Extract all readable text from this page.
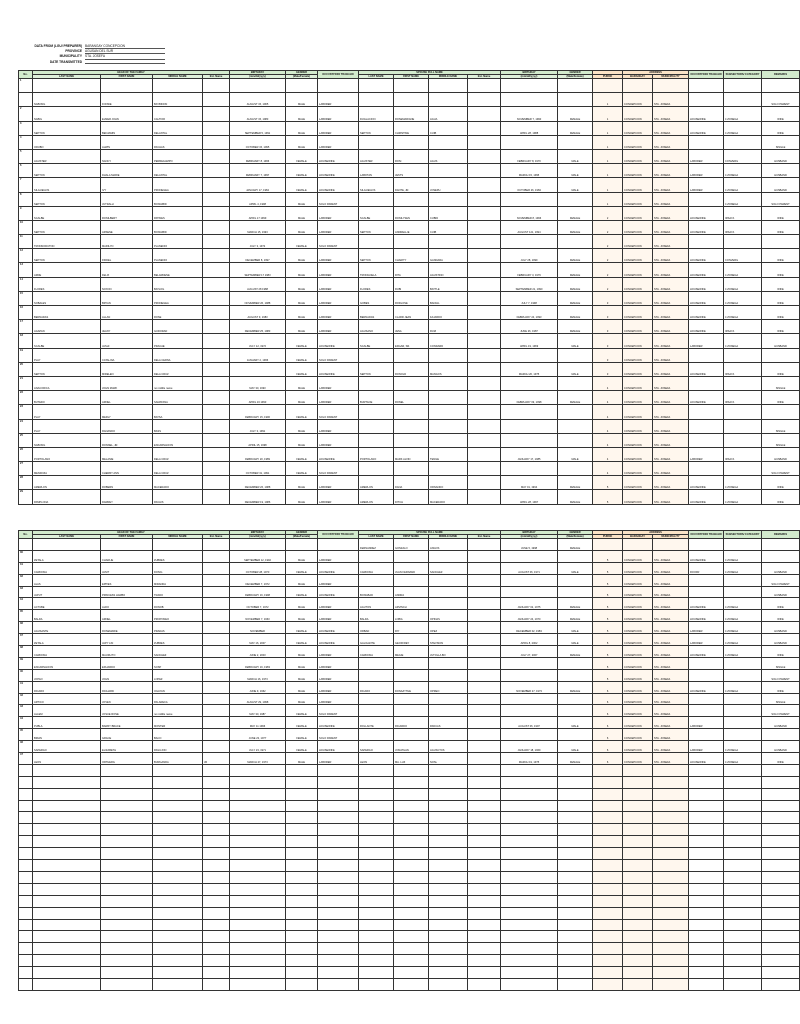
DATA FROM (LGU/ PREPARER) BARANGAY CONCEPCION
PROVINCE AGUSAN DEL SUR
MUNICIPALITY STA. JOSEFA
DATE TRANSMITTED
No.	HEAD OF THE FAMILY				BIRTHDAY	GENDER	OCCUPATION/ TRABAHO	SPOUSE FULL NAME				BIRTHDAY	GENDER		ADDRESS		OCCUPATION/ TRABAHO	SUBSECTORS/ CATEGORY	REMARKS
	LAST NAME	FIRST NAME	MIDDLE NAME	Ext. Name	(mm/dd/yyyy)	(Male/Female)		LAST NAME	FIRST NAME	MIDDLE NAME	Ext. Name	(mm/dd/yyyy)	(Male/Female)	PUROK	BARANGAY	MUNICIPALITY			
1																			
	NABONG	FONSIE	BAYBINON		AUGUST 15, 1965	MALE	LABORER							1	CONCEPCION	STA. JOSEFA			SOLO PARENT
2	NABIG	ELMER JOHN	CALTIOR		AUGUST 15, 1983	MALE	LABORER	DUGLACION	ROSEMARIANE	AGUA		NOVEMBER 7, 1990	FEMALE	1	CONCEPCION	STA. JOSEFA	HOUSEWIFE	4 ZONEGA	WIFE
3	SEPTON	BENJAMIN	DELANTAL		SEPTEMBER 5, 1991	MALE	LABORER	SEPTON	CHRISTINE	CUIB		APRIL 28, 1988	FEMALE	1	CONCEPCION	STA. JOSEFA	HOUSEWIFE	4 ZONEGA	WIFE
4	ORUBO	ALWIN	PACHAS		OCTOBER 15, 1995	MALE	LABORER							1	CONCEPCION	STA. JOSEFA			SINGLE
5	AGUSTER	NANCY	PERREGAMPO		FEBRUARY 8, 1966	FEMALE	HOUSEWIFE	AGUSTER	ROSI	AGUS		FEBRUARY 8, 1970	MALE	1	CONCEPCION	STA. JOSEFA	LABORER	CONVERG	HUSBAND
6	SEPTON	DHALA MARIE	DELANTAL		FEBRUARY 7, 1997	FEMALE	HOUSEWIFE	LABOTAN	JESTS			MARCH 15, 1995	MALE	1	CONCEPCION	STA. JOSEFA	LABORER	4 ZONEGA	HUSBAND
7	SILGUEGOS	IVY	PRONEGEA		JANUARY 17, 1984	FEMALE	HOUSEWIFE	SILGUEGOS	DANTE, JR.	JOSEPH		OCTOBER 26, 1984	MALE	1	CONCEPCION	STA. JOSEFA	LABORER	4 ZONEGA	HUSBAND
8	SEPTON	JUTRALH	BONGIBID		APRIL 4, 1998	MALE	SOLO PARENT							1	CONCEPCION	STA. JOSEFA		4 ZONEGA	SOLO PARENT
9	SCALBE	RONILBERT	PATINES		APRIL 17 1999	MALE	LABORER	SCALBE	RONILYSEN	CUBID		NOVEMBER 8, 1996	FEMALE	2	CONCEPCION	STA. JOSEFA	HOUSEWIFE	IRSAYA	WIFE
10	SEPTON	ARSENE	BONGIBID		MARCH 15, 1993	MALE	LABORER	SEPTON	ANDRELLIE	CUIB		AUGUST 121, 1994	FEMALE	2	CONCEPCION	STA. JOSEFA	HOUSEWIFE	IRSAYA	WIFE
11	TRONNODUTON	MARILYN	PLANENIO		JULY 3, 1972	FEMALE	SOLO PARENT							2	CONCEPCION	STA. JOSEFA			
12	SEPTON	FIDDEL	PLANENIO		DECEMBER 8, 1997	MALE	LABORER	SEPTON	CHARITY	GANDARA		JULY 28, 1999	FEMALE	2	CONCEPCION	STA. JOSEFA	HOUSEWIFE	CONVERG	WIFE
13	ARDE	FELIX	BELARDENE		SEPTEMBER 17 1983	MALE	LABORER	TRONGOELA	RITA	AGUSTINO		FEBRUARY 3, 1979	FEMALE	2	CONCEPCION	STA. JOSEFA	HOUSEWIFE	4 ZONEGA	WIFE
14	FLORES	NOXON	BATLOG		AUGUST 28 1988	MALE	LABORER	FLORES	RUBI	BATTLE		SEPTEMBER 21, 1990	FEMALE	2	CONCEPCION	STA. JOSEFA	HOUSEWIFE	4 ZONEGA	WIFE
15	SOBALES	BRYAN	PRONEGEA		NOVEMBER 26, 1988	MALE	LABORER	GOBES	RODLOSE	BANGIL		JULY 7, 1998	FEMALE	3	CONCEPCION	STA. JOSEFA	HOUSEWIFE	4 ZONEGA	WIFE
16	BERNADAS	ALLAN	ROSE		AUGUST 9, 1983	MALE	LABORER	BERNADAS	CLARR JEAN	FAJARDO		FEBRUARY 24, 1993	FEMALE	3	CONCEPCION	STA. JOSEFA	HOUSEWIFE	4 ZONEGA	WIFE
17	AGAPAN	JEANY	GUDORAD		DECEMBER 25, 1983	MALE	LABORER	AGUSANO	JENA	RUIZ		JUNE 26, 1987	FEMALE	3	CONCEPCION	STA. JOSEFA	HOUSEWIFE	IRSAYA	WIFE
18	SCALBE	JASHI	PRACAE		JULY 12, 1972	FEMALE	HOUSEWIFE	SCALBE	EDGAR, SR.	CONDARD		APRIL 19, 1969	MALE	3	CONCEPCION	STA. JOSEFA	LABORER	4 ZONEGA	HUSBAND
19	PLAY	CATALINA	DELA CERNA		JANUARY 2, 1966	FEMALE	SOLO PARENT							3	CONCEPCION	STA. JOSEFA			
20	SEPTON	MIRELEN	DELA CRUZ			FEMALE	HOUSEWIFE	SEPTON	RONOLD	MANGOS		MARCH 20, 1975	MALE	3	CONCEPCION	STA. JOSEFA	HOUSEWIFE	IRSAYA	WIFE
21	ANACORICA	JOHN MARK	no middle name		MAY 30, 1993	MALE	LABORER							4	CONCEPCION	STA. JOSEFA			SINGLE
22	BUTEDO	ARNEL	SAMATANA		APRIL 16 1993	MALE	LABORER	BURTAOE	RONEL			FEBRUARY 09, 1998	FEMALE	4	CONCEPCION	STA. JOSEFA	HOUSEWIFE	IRSAYA	WIFE
23	PLAY	MERLY	BATSA		FEBRUARY 15, 1996	FEMALE	SOLO PARENT							4	CONCEPCION	STA. JOSEFA			
24	PLAY	RANANDO	BASS		JULY 3, 1991	MALE	LABORER							4	CONCEPCION	STA. JOSEFA			SINGLE
25	NABONG	RONNEL, JR.	ENCARNACION		APRIL 15, 1998	MALE	LABORER							4	CONCEPCION	STA. JOSEFA			SINGLE
26	PORTOLANO	MELANIE	DELA CRUZ		FEBRUARY 20, 1989	FEMALE	HOUSEWIFE	PORTOLANO	MARK ALVIN	TENGE		JANUARY 17, 1985	MALE	4	CONCEPCION	STA. JOSEFA	LABORER	IRSAYA	HUSBAND
27	MENDOZA	CHERRY ANN	DELA CRUZ		OCTOBER 31, 1991	FEMALE	SOLO PARENT							4	CONCEPCION	STA. JOSEFA			SOLO PARENT
28	AMERLON	ROBERN	MACERADO		DECEMBER 26, 1988	MALE	LABORER	AMERLON	DANA	ORNANDO		MAY 01, 1994	FEMALE	5	CONCEPCION	STA. JOSEFA	HOUSEWIFE	4 ZONEGA	WIFE
29	PAMPLONA	DARREY	PACHIS		DECEMBER 19, 1986	MALE	LABORER	AMERLON	DITCH	MACERADO		APRIL 28, 1997	FEMALE	5	CONCEPCION	STA. JOSEFA	HOUSEWIFE	4 ZONEGA	WIFE
No.	HEAD OF THE FAMILY				BIRTHDAY	GENDER	OCCUPATION/ TRABAHO	SPOUSE FULL NAME				BIRTHDAY	GENDER		ADDRESS		OCCUPATION/ TRABAHO	SUBSECTORS/ CATEGORY	REMARKS
	LAST NAME	FIRST NAME	MIDDLE NAME	Ext. Name	(mm/dd/yyyy)	(Male/Female)		LAST NAME	FIRST NAME	MIDDLE NAME	Ext. Name	(mm/dd/yyyy)	(Male/Female)	PUROK	BARANGAY	MUNICIPALITY			
								FERNANDEZ	GONZALO	ANGOS		JUNE 5, 1998	FEMALE						
30	ZETALA	CHARLIE	ZUBRES		SEPTEMBER 12, 1992	MALE	LABORER							5	CONCEPCION	STA. JOSEFA	HOUSEWIFE	4 ZONEGA	
31	CARDONA	JANIT	DOSIG		OCTOBER 28, 1970	FEMALE	HOUSEWIFE	CARDONA	JUAN FERNAND	SANCHEZ		AUGUST 06, 1971	MALE	5	CONCEPCION	STA. JOSEFA	ROOFR	4 ZONEGA	HUSBAND
32	ALAS	EPPIES	MIRANDA		DECEMBER 7, 1972	MALE	LABORER							5	CONCEPCION	STA. JOSEFA			SOLO PARENT
33	JAPUT	PRINCESS HARBO	TRADO		FEBRUARY 16, 1998	FEMALE	HOUSEWIFE	BONGBAD	ANDRA					5	CONCEPCION	STA. JOSEFA			HUSBAND
34	ACTUBE	ALDO	RONOB		OCTOBER 7, 1972	MALE	LABORER	AGUTON	ARVINCH			JANUARY 02, 1975	FEMALE	5	CONCEPCION	STA. JOSEFA	HOUSEWIFE	4 ZONEGA	WIFE
35	BALDA	ARNEL	PROPONEO		NOVEMBER 7, 1963	MALE	LABORER	BALDA	LOBIA	OPINAS		JANUARY 24, 1970	FEMALE	5	CONCEPCION	STA. JOSEFA	HOUSEWIFE	4 ZONEGA	WIFE
36	AGUSANTE	ROSEMARIE	PRADAS		NOVEMBER	FEMALE	HOUSEWIFE	ORBAD	RIY	OPEZ		DECEMBER 02, 1983	MALE	5	CONCEPCION	STA. JOSEFA	LABORER	4 ZONEGA	HUSBAND
37	ZETALA	JAPY LIN	ZUBRES		MAY 16, 2007	FEMALE	HOUSEWIFE	GALIGANTE	GEOFFREY	STEVISON		APRIL 8, 2002	MALE	5	CONCEPCION	STA. JOSEFA	LABORER	4 ZONEGA	HUSBAND
38	CARDONA	MAURLITO	SANCHEZ		JUNE 2, 2003	MALE	LABORER	CARDONA	MEGIE	JUTOLLA BO		JULY 27, 2007	FEMALE	5	CONCEPCION	STA. JOSEFA	HOUSEWIFE	4 ZONEGA	WIFE
39	ENCARNACION	EDUARDO	SOSP		FEBRUARY 16, 1983	MALE	LABORER							5	CONCEPCION	STA. JOSEFA			SINGLE
40	JOPAO	JOHN	LOPEZ		MARCH 16, 1973	MALE	LABORER							5	CONCEPCION	STA. JOSEFA			SOLO PARENT
41	RICARO	RICHARD	OGAYAN		JUNE 9, 1962	MALE	LABORER	RICARO	DONAZYTHE	OPREO		NOVEMBER 27, 1973	FEMALE	6	CONCEPCION	STA. JOSEFA	HOUSEWIFE	4 ZONEGA	WIFE
42	ARTICO	JOVEN	PALARECA		AUGUST 29, 1998	MALE	LABORER							6	CONCEPCION	STA. JOSEFA			SINGLE
43	ALLEM	JOSUE ROSE	no middle name		MAY 30, 1987	FEMALE	SOLO PARENT							6	CONCEPCION	STA. JOSEFA			SOLO PARENT
44	PUBLA	BARRY BRACE	MONTER		MAY 11 1996	FEMALE	HOUSEWIFE	ROLLANTE	RICARDO	PADUAS		AUGUST 06, 1997	MALE	6	CONCEPCION	STA. JOSEFA	LABORER		HUSBAND
45	BRIAN	GRACE	BACO		JUNE 23, 1977	FEMALE	SOLO PARENT							6	CONCEPCION	STA. JOSEFA			
46	SAPERGO	ELIZABETH	PAGUJON		JULY 23, 1971	FEMALE	HOUSEWIFE	SAPERGO	JONATHAN	AGUSCTOS		JANUARY 18, 1969	MALE	6	CONCEPCION	STA. JOSEFA	LABORER	4 ZONEGA	HUSBAND
47	LEON	ORTHERG	BURGANDA	JR	MARCH 27, 1973	MALE	LABORER	LEON	MA. LUZ	NOSL		MARCH 19, 1975	FEMALE	6	CONCEPCION	STA. JOSEFA	HOUSEWIFE	4 ZONEGA	WIFE
